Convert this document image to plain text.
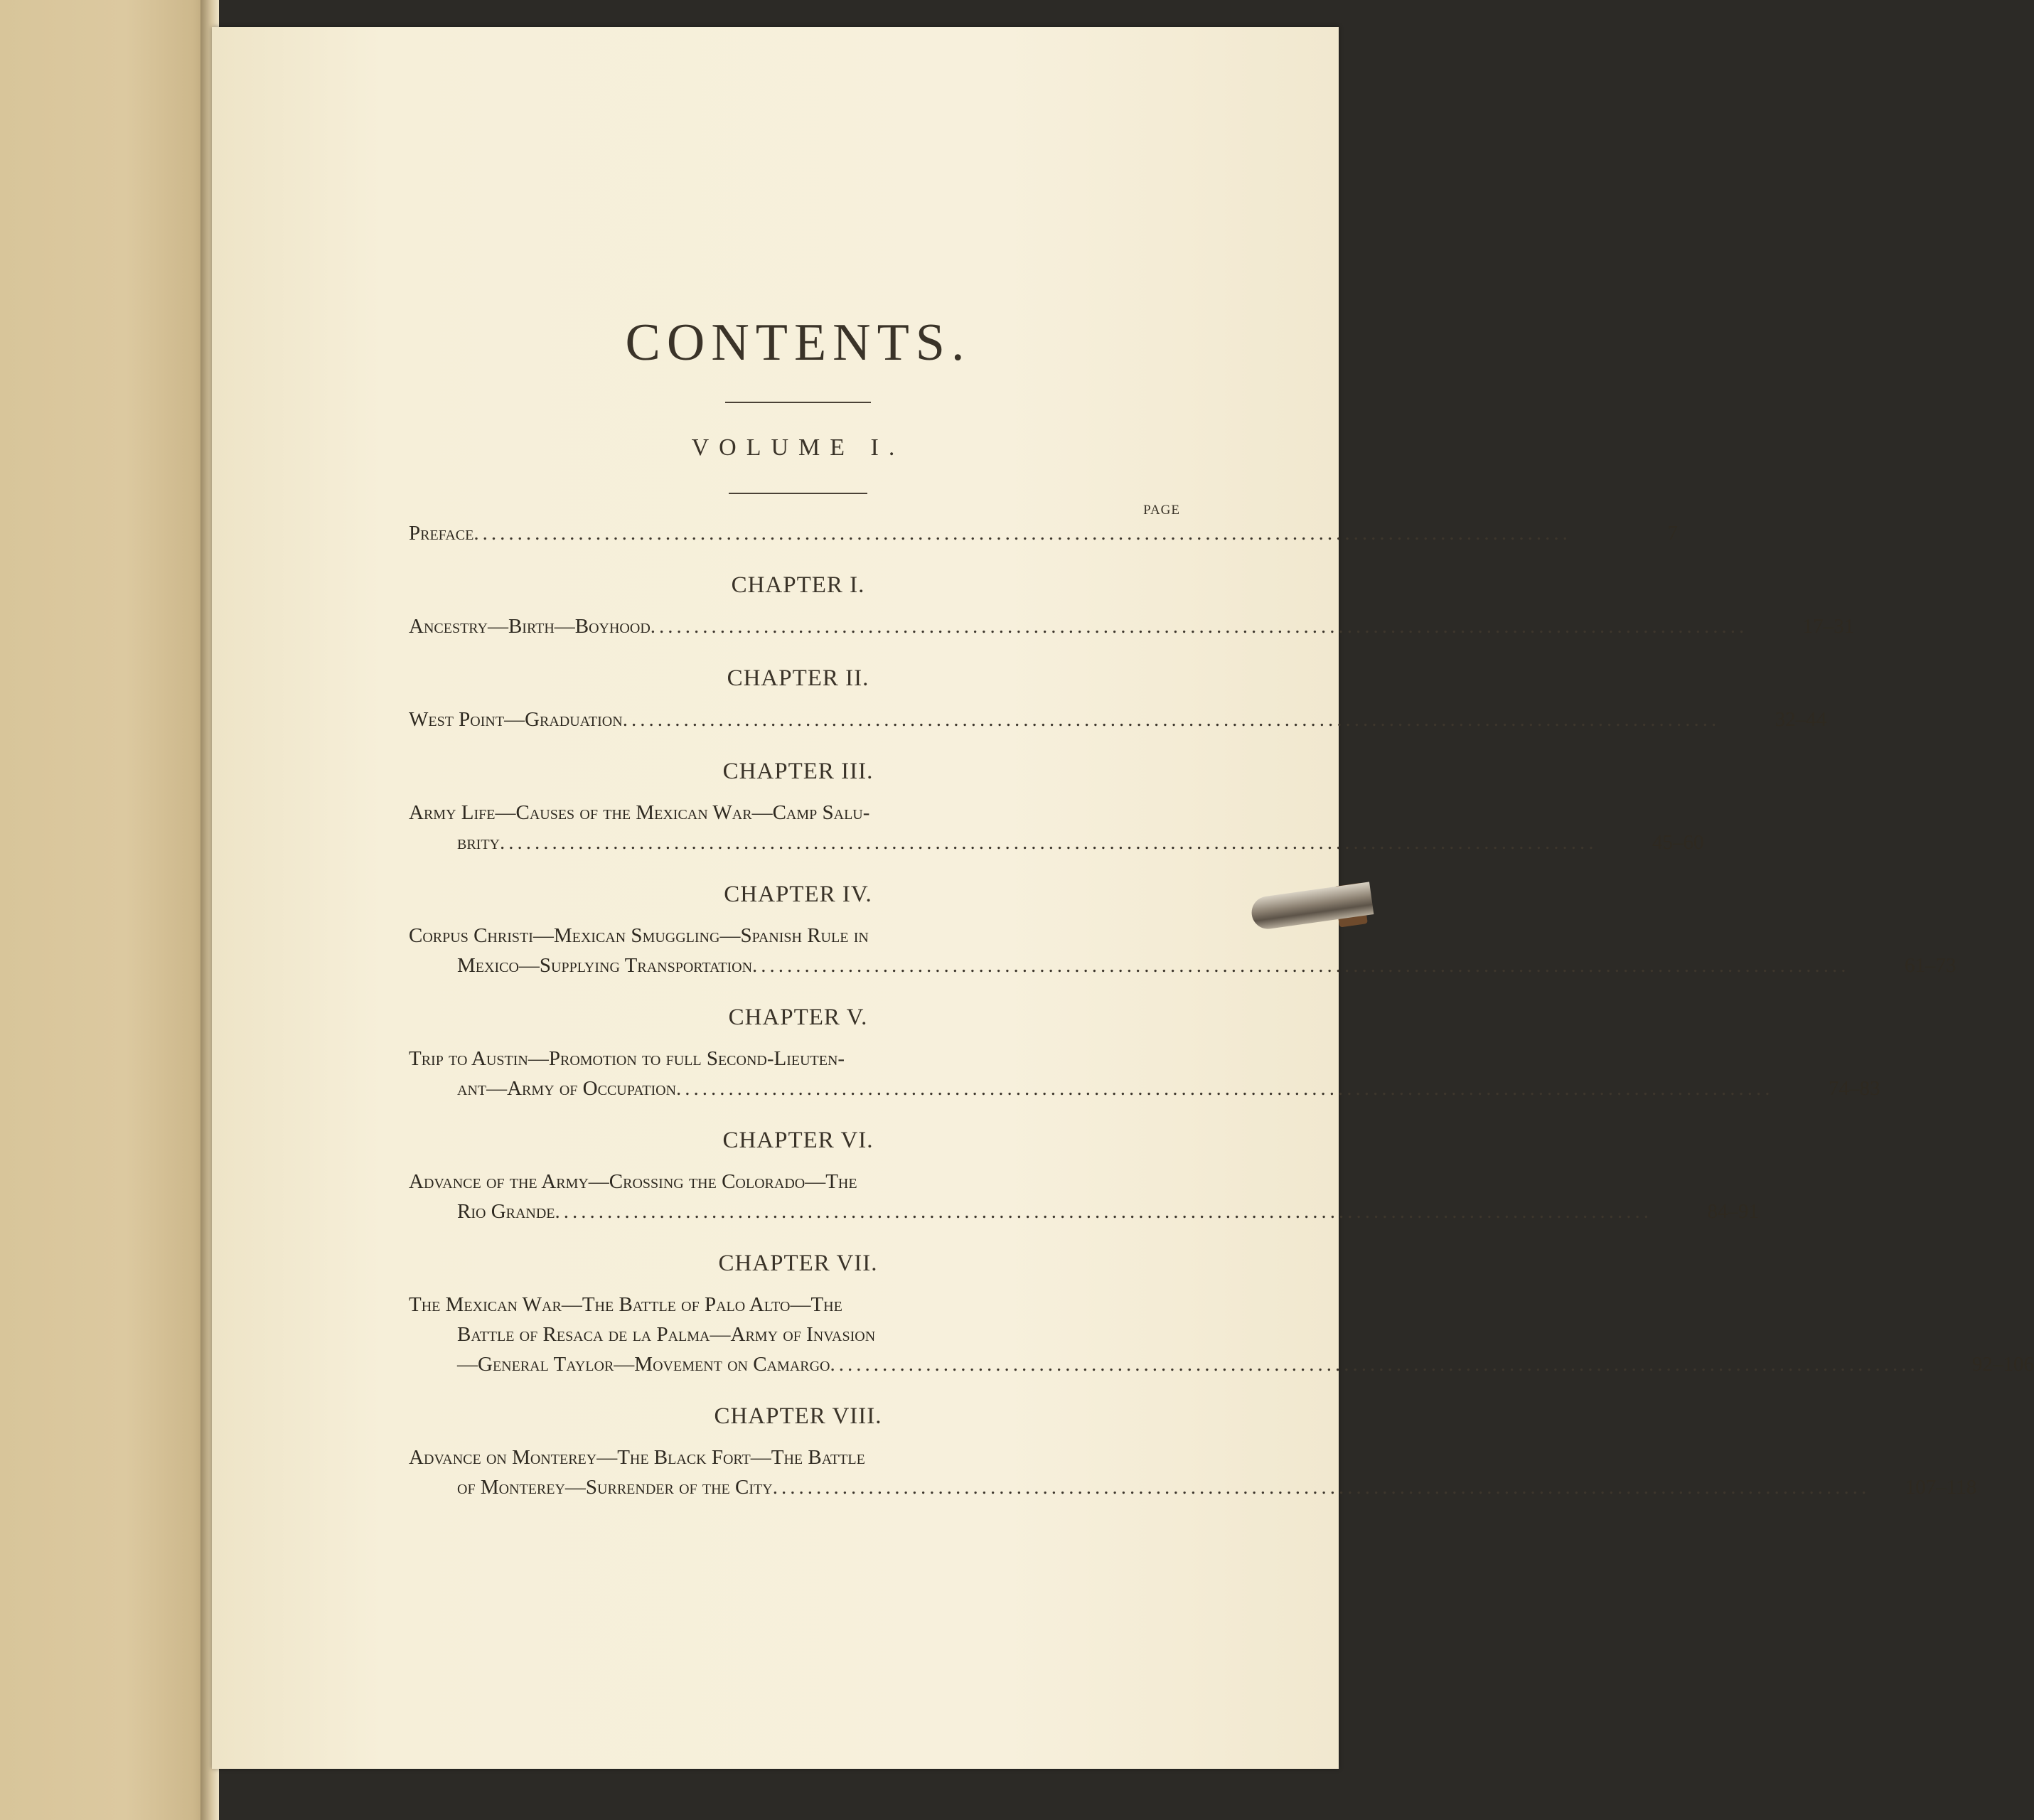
CONTENTS.
VOLUME I.
PAGE
Preface ..............................................................................................................................	7
CHAPTER I.
Ancestry—Birth—Boyhood ..............................................................................................................................	17–31
CHAPTER II.
West Point—Graduation ..............................................................................................................................	32–44
CHAPTER III.
Army Life—Causes of the Mexican War—Camp Salu-
brity ..............................................................................................................................	45–60
CHAPTER IV.
Corpus Christi—Mexican Smuggling—Spanish Rule in
Mexico—Supplying Transportation ..............................................................................................................................	61–73
CHAPTER V.
Trip to Austin—Promotion to full Second-Lieuten-
ant—Army of Occupation ..............................................................................................................................	74–83
CHAPTER VI.
Advance of the Army—Crossing the Colorado—The
Rio Grande ..............................................................................................................................	84–91
CHAPTER VII.
The Mexican War—The Battle of Palo Alto—The
Battle of Resaca de la Palma—Army of Invasion
—General Taylor—Movement on Camargo ..............................................................................................................................	92–106
CHAPTER VIII.
Advance on Monterey—The Black Fort—The Battle
of Monterey—Surrender of the City ..............................................................................................................................	107–118
